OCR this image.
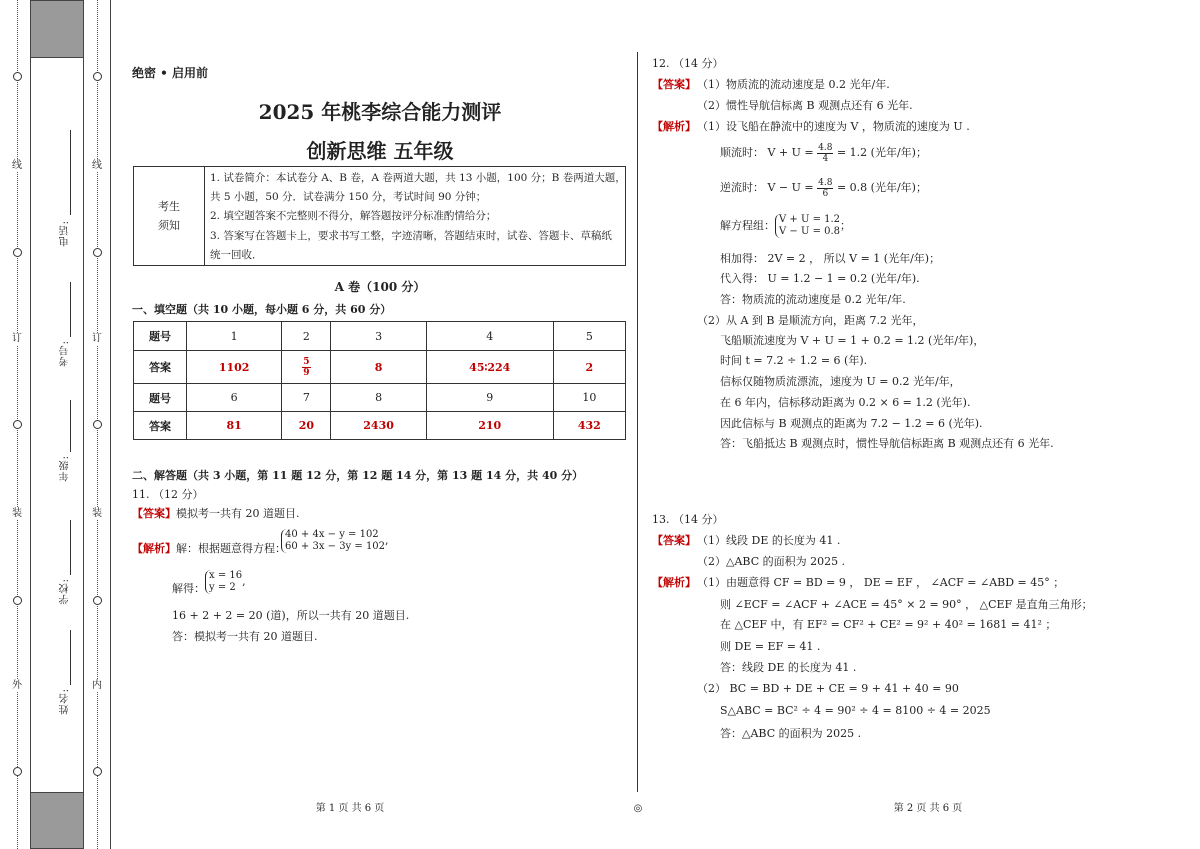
外
装
订
线
内
装
订
线
姓名:
学校:
年级:
考号:
电话:
绝密 • 启用前
2025 年桃李综合能力测评
创新思维 五年级
考生
须知
1. 试卷简介：本试卷分 A、B 卷，A 卷两道大题，共 13 小题，100 分；B 卷两道大题，
共 5 小题，50 分．试卷满分 150 分，考试时间 90 分钟；
2. 填空题答案不完整则不得分，解答题按评分标准酌情给分；
3. 答案写在答题卡上，要求书写工整，字迹清晰，答题结束时，试卷、答题卡、草稿纸
统一回收．
A 卷（100 分）
一、填空题（共 10 小题，每小题 6 分，共 60 分）
题号	1	2	3	4	5
答案	1102	$\frac{5}{9}$	8	45∶224	2
题号	6	7	8	9	10
答案	81	20	2430	210	432
二、解答题（共 3 小题，第 11 题 12 分，第 12 题 14 分，第 13 题 14 分，共 40 分）
11. （12 分）
【答案】模拟考一共有 20 道题目.
【解析】解：根据题意得方程：
40 + 4x − y = 102
60 + 3x − 3y = 102 ,
解得：
x = 16
y = 2 ,
16 + 2 + 2 = 20 (道)，所以一共有 20 道题目.
答：模拟考一共有 20 道题目.
12. （14 分）
【答案】 （1）物质流的流动速度是 0.2 光年/年.
（2）惯性导航信标离 B 观测点还有 6 光年.
【解析】 （1）设飞船在静流中的速度为 V ，物质流的速度为 U .
顺流时： $V + U = \frac{4.8}{4} = 1.2$ (光年/年)；
逆流时： $V - U = \frac{4.8}{6} = 0.8$ (光年/年)；
解方程组： V + U = 1.2
V − U = 0.8 ；
相加得： 2V = 2 ， 所以 V = 1 (光年/年)；
代入得： U = 1.2 − 1 = 0.2 (光年/年).
答：物质流的流动速度是 0.2 光年/年.
（2）从 A 到 B 是顺流方向，距离 7.2 光年，
飞船顺流速度为 V + U = 1 + 0.2 = 1.2 (光年/年)，
时间 t = 7.2 ÷ 1.2 = 6 (年).
信标仅随物质流漂流，速度为 U = 0.2 光年/年，
在 6 年内，信标移动距离为 0.2 × 6 = 1.2 (光年).
因此信标与 B 观测点的距离为 7.2 − 1.2 = 6 (光年).
答：飞船抵达 B 观测点时，惯性导航信标距离 B 观测点还有 6 光年.
13. （14 分）
【答案】 （1）线段 DE 的长度为 41 .
（2）△ABC 的面积为 2025 .
【解析】 （1）由题意得 CF = BD = 9 ， DE = EF ， ∠ACF = ∠ABD = 45° ；
则 ∠ECF = ∠ACF + ∠ACE = 45° × 2 = 90° ， △CEF 是直角三角形；
在 △CEF 中，有 EF² = CF² + CE² = 9² + 40² = 1681 = 41² ；
则 DE = EF = 41 .
答：线段 DE 的长度为 41 .
（2） BC = BD + DE + CE = 9 + 41 + 40 = 90
S△ABC = BC² ÷ 4 = 90² ÷ 4 = 8100 ÷ 4 = 2025
答：△ABC 的面积为 2025 .
第 1 页 共 6 页	◎	第 2 页 共 6 页
